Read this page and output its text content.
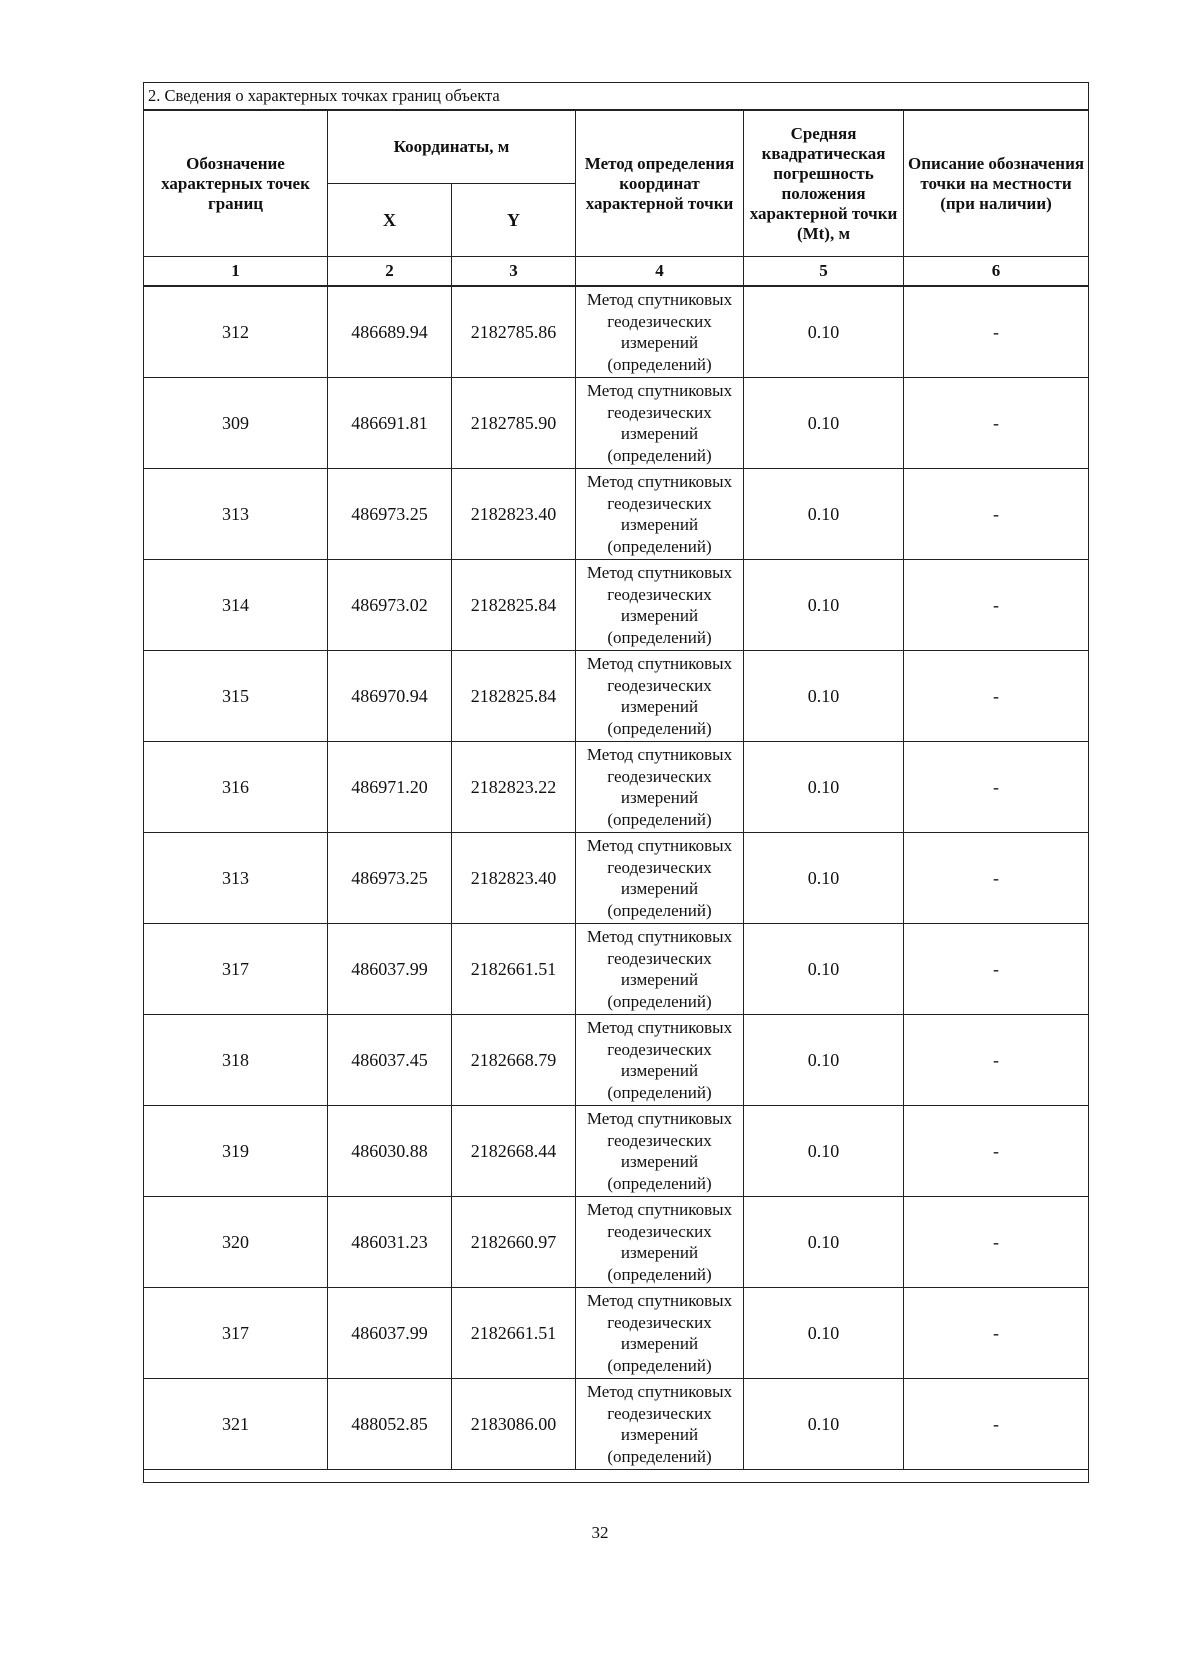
2. Сведения о характерных точках границ объекта					
Обозначение характерных точек границ	Координаты, м		Метод определения координат характерной точки	Средняя квадратическая погрешность положения характерной точки (Mt), м	Описание обозначения точки на местности (при наличии)
	X	Y			
1	2	3	4	5	6
312	486689.94	2182785.86	Метод спутниковых геодезических измерений (определений)	0.10	-
309	486691.81	2182785.90	Метод спутниковых геодезических измерений (определений)	0.10	-
313	486973.25	2182823.40	Метод спутниковых геодезических измерений (определений)	0.10	-
314	486973.02	2182825.84	Метод спутниковых геодезических измерений (определений)	0.10	-
315	486970.94	2182825.84	Метод спутниковых геодезических измерений (определений)	0.10	-
316	486971.20	2182823.22	Метод спутниковых геодезических измерений (определений)	0.10	-
313	486973.25	2182823.40	Метод спутниковых геодезических измерений (определений)	0.10	-
317	486037.99	2182661.51	Метод спутниковых геодезических измерений (определений)	0.10	-
318	486037.45	2182668.79	Метод спутниковых геодезических измерений (определений)	0.10	-
319	486030.88	2182668.44	Метод спутниковых геодезических измерений (определений)	0.10	-
320	486031.23	2182660.97	Метод спутниковых геодезических измерений (определений)	0.10	-
317	486037.99	2182661.51	Метод спутниковых геодезических измерений (определений)	0.10	-
321	488052.85	2183086.00	Метод спутниковых геодезических измерений (определений)	0.10	-

32
